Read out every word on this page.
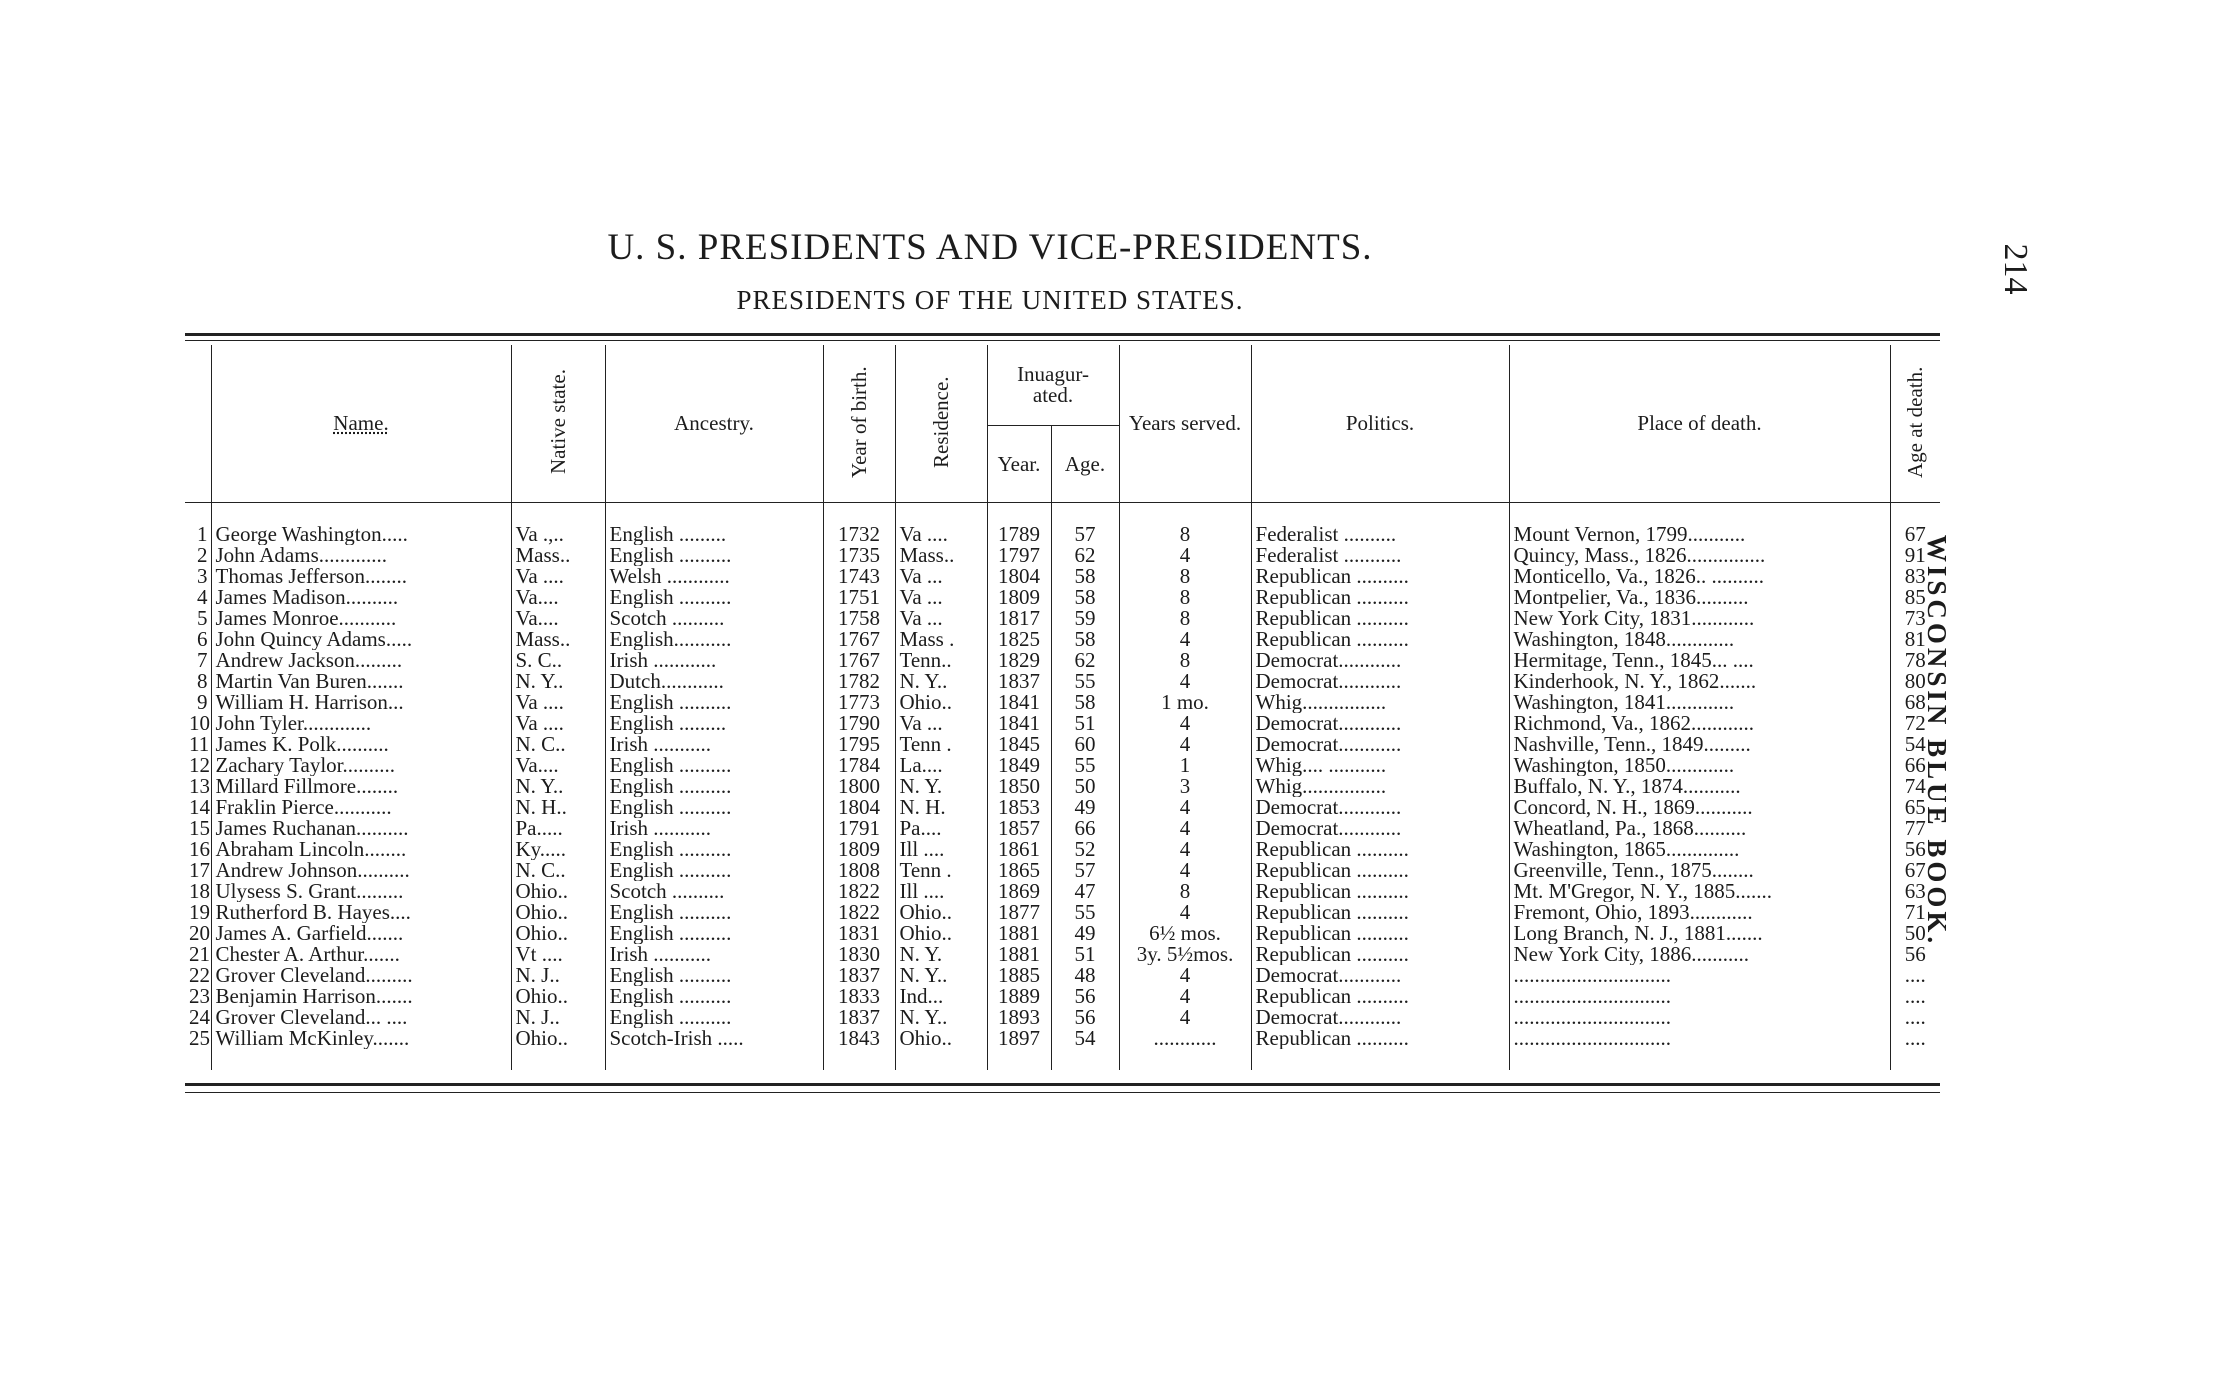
U. S. PRESIDENTS AND VICE-PRESIDENTS.
PRESIDENTS OF THE UNITED STATES.
214
WISCONSIN BLUE BOOK.
	Name.	Native state.	Ancestry.	Year of birth.	Residence.	Inuagur-ated.		Years served.	Politics.	Place of death.	Age at death.
						Year.	Age.				

1	George Washington.....	Va .,..	English .........	1732	Va ....	1789	57	8	Federalist ..........	Mount Vernon, 1799...........	67
2	John Adams.............	Mass..	English ..........	1735	Mass..	1797	62	4	Federalist ...........	Quincy, Mass., 1826...............	91
3	Thomas Jefferson........	Va ....	Welsh ............	1743	Va ...	1804	58	8	Republican ..........	Monticello, Va., 1826.. ..........	83
4	James Madison..........	Va....	English ..........	1751	Va ...	1809	58	8	Republican ..........	Montpelier, Va., 1836..........	85
5	James Monroe...........	Va....	Scotch ..........	1758	Va ...	1817	59	8	Republican ..........	New York City, 1831............	73
6	John Quincy Adams.....	Mass..	English...........	1767	Mass .	1825	58	4	Republican ..........	Washington, 1848.............	81
7	Andrew Jackson.........	S. C..	Irish ............	1767	Tenn..	1829	62	8	Democrat............	Hermitage, Tenn., 1845... ....	78
8	Martin Van Buren.......	N. Y..	Dutch............	1782	N. Y..	1837	55	4	Democrat............	Kinderhook, N. Y., 1862.......	80
9	William H. Harrison...	Va ....	English ..........	1773	Ohio..	1841	58	1 mo.	Whig................	Washington, 1841.............	68
10	John Tyler.............	Va ....	English .........	1790	Va ...	1841	51	4	Democrat............	Richmond, Va., 1862............	72
11	James K. Polk..........	N. C..	Irish ...........	1795	Tenn .	1845	60	4	Democrat............	Nashville, Tenn., 1849.........	54
12	Zachary Taylor..........	Va....	English ..........	1784	La....	1849	55	1	Whig.... ...........	Washington, 1850.............	66
13	Millard Fillmore........	N. Y..	English ..........	1800	N. Y.	1850	50	3	Whig................	Buffalo, N. Y., 1874...........	74
14	Fraklin Pierce...........	N. H..	English ..........	1804	N. H.	1853	49	4	Democrat............	Concord, N. H., 1869...........	65
15	James Ruchanan..........	Pa.....	Irish ...........	1791	Pa....	1857	66	4	Democrat............	Wheatland, Pa., 1868..........	77
16	Abraham Lincoln........	Ky.....	English ..........	1809	Ill ....	1861	52	4	Republican ..........	Washington, 1865..............	56
17	Andrew Johnson..........	N. C..	English ..........	1808	Tenn .	1865	57	4	Republican ..........	Greenville, Tenn., 1875........	67
18	Ulysess S. Grant.........	Ohio..	Scotch ..........	1822	Ill ....	1869	47	8	Republican ..........	Mt. M'Gregor, N. Y., 1885.......	63
19	Rutherford B. Hayes....	Ohio..	English ..........	1822	Ohio..	1877	55	4	Republican ..........	Fremont, Ohio, 1893............	71
20	James A. Garfield.......	Ohio..	English ..........	1831	Ohio..	1881	49	6½ mos.	Republican ..........	Long Branch, N. J., 1881.......	50
21	Chester A. Arthur.......	Vt ....	Irish ...........	1830	N. Y.	1881	51	3y. 5½mos.	Republican ..........	New York City, 1886...........	56
22	Grover Cleveland.........	N. J..	English ..........	1837	N. Y..	1885	48	4	Democrat............	..............................	....
23	Benjamin Harrison.......	Ohio..	English ..........	1833	Ind...	1889	56	4	Republican ..........	..............................	....
24	Grover Cleveland... ....	N. J..	English ..........	1837	N. Y..	1893	56	4	Democrat............	..............................	....
25	William McKinley.......	Ohio..	Scotch-Irish .....	1843	Ohio..	1897	54	............	Republican ..........	..............................	....
